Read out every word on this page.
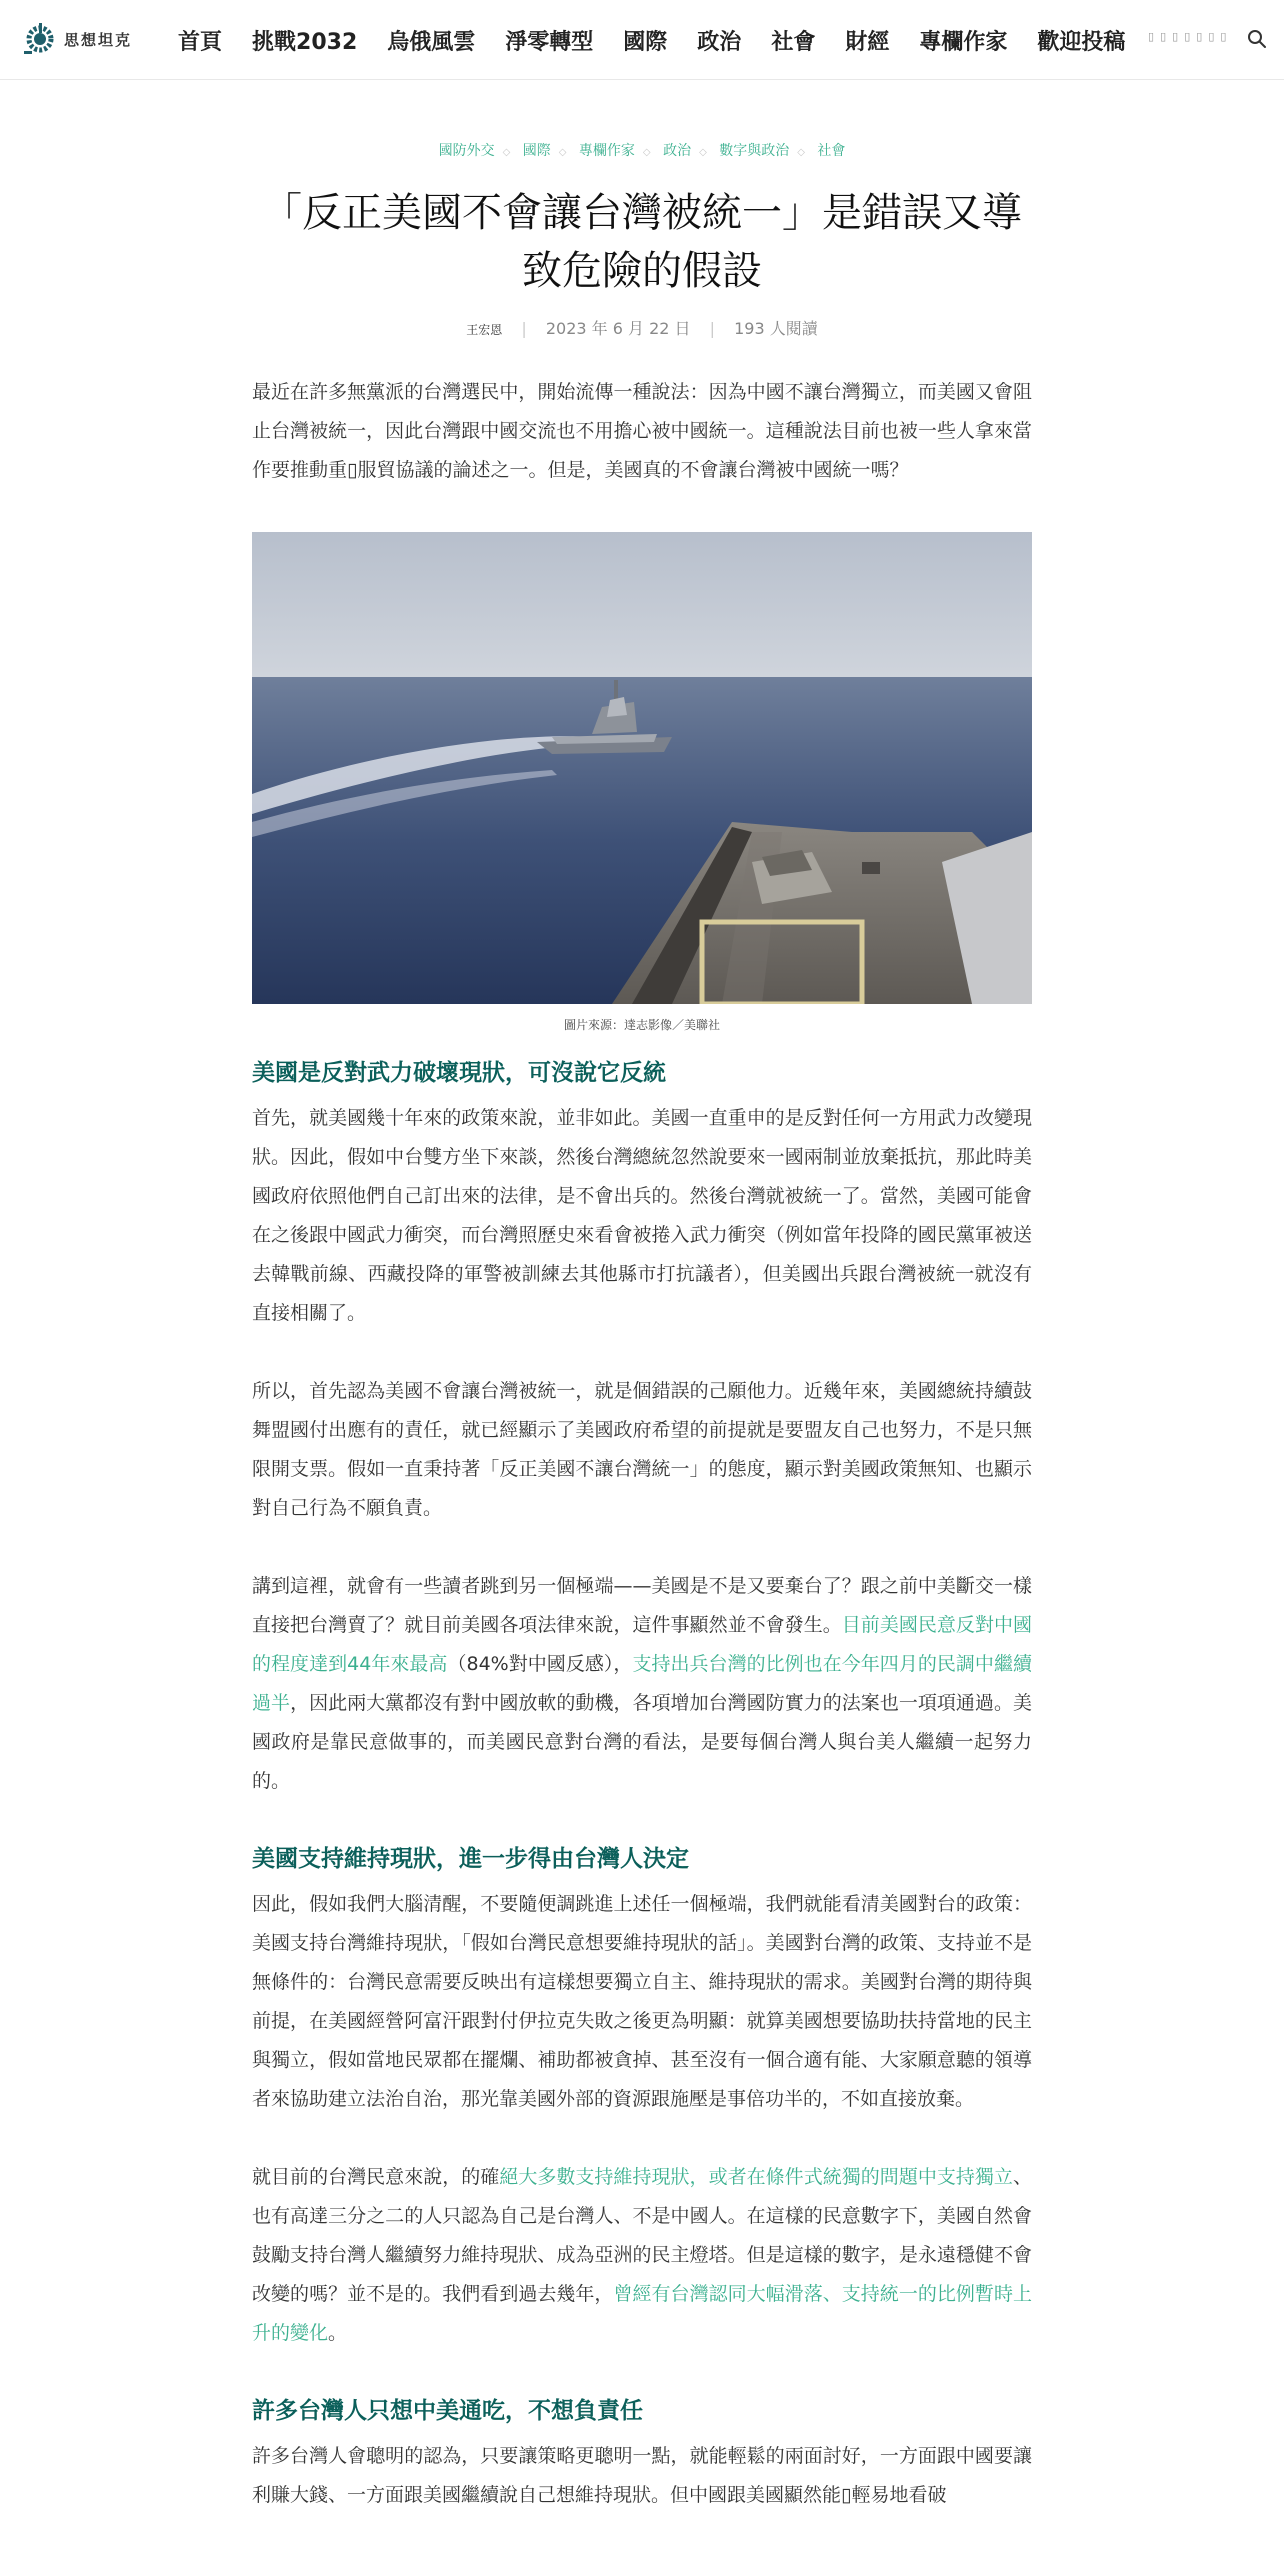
思想坦克 首頁 挑戰2032 烏俄風雲 淨零轉型 國際 政治 社會 財經 專欄作家 歡迎投稿 ▯ ▯ ▯ ▯ ▯ ▯ ▯
國防外交 ◇ 國際 ◇ 專欄作家 ◇ 政治 ◇ 數字與政治 ◇ 社會
「反正美國不會讓台灣被統一」是錯誤又導致危險的假設
王宏恩 | 2023 年 6 月 22 日 | 193 人閱讀

最近在許多無黨派的台灣選民中，開始流傳一種說法：因為中國不讓台灣獨立，而美國又會阻止台灣被統一，因此台灣跟中國交流也不用擔心被中國統一。這種說法目前也被一些人拿來當作要推動重▯服貿協議的論述之一。但是，美國真的不會讓台灣被中國統一嗎？

圖片來源：達志影像／美聯社
美國是反對武力破壞現狀，可沒說它反統

首先，就美國幾十年來的政策來說，並非如此。美國一直重申的是反對任何一方用武力改變現狀。因此，假如中台雙方坐下來談，然後台灣總統忽然說要來一國兩制並放棄抵抗，那此時美國政府依照他們自己訂出來的法律，是不會出兵的。然後台灣就被統一了。當然，美國可能會在之後跟中國武力衝突，而台灣照歷史來看會被捲入武力衝突（例如當年投降的國民黨軍被送去韓戰前線、西藏投降的軍警被訓練去其他縣市打抗議者），但美國出兵跟台灣被統一就沒有直接相關了。

所以，首先認為美國不會讓台灣被統一，就是個錯誤的己願他力。近幾年來，美國總統持續鼓舞盟國付出應有的責任，就已經顯示了美國政府希望的前提就是要盟友自己也努力，不是只無限開支票。假如一直秉持著「反正美國不讓台灣統一」的態度，顯示對美國政策無知、也顯示對自己行為不願負責。

講到這裡，就會有一些讀者跳到另一個極端——美國是不是又要棄台了？跟之前中美斷交一樣直接把台灣賣了？就目前美國各項法律來說，這件事顯然並不會發生。目前美國民意反對中國的程度達到44年來最高（84%對中國反感），支持出兵台灣的比例也在今年四月的民調中繼續過半，因此兩大黨都沒有對中國放軟的動機，各項增加台灣國防實力的法案也一項項通過。美國政府是靠民意做事的，而美國民意對台灣的看法，是要每個台灣人與台美人繼續一起努力的。

美國支持維持現狀，進一步得由台灣人決定

因此，假如我們大腦清醒，不要隨便調跳進上述任一個極端，我們就能看清美國對台的政策：美國支持台灣維持現狀，「假如台灣民意想要維持現狀的話」。美國對台灣的政策、支持並不是無條件的：台灣民意需要反映出有這樣想要獨立自主、維持現狀的需求。美國對台灣的期待與前提，在美國經營阿富汗跟對付伊拉克失敗之後更為明顯：就算美國想要協助扶持當地的民主與獨立，假如當地民眾都在擺爛、補助都被貪掉、甚至沒有一個合適有能、大家願意聽的領導者來協助建立法治自治，那光靠美國外部的資源跟施壓是事倍功半的，不如直接放棄。

就目前的台灣民意來說，的確絕大多數支持維持現狀，或者在條件式統獨的問題中支持獨立、也有高達三分之二的人只認為自己是台灣人、不是中國人。在這樣的民意數字下，美國自然會鼓勵支持台灣人繼續努力維持現狀、成為亞洲的民主燈塔。但是這樣的數字，是永遠穩健不會改變的嗎？並不是的。我們看到過去幾年，曾經有台灣認同大幅滑落、支持統一的比例暫時上升的變化。

許多台灣人只想中美通吃，不想負責任

許多台灣人會聰明的認為，只要讓策略更聰明一點，就能輕鬆的兩面討好，一方面跟中國要讓利賺大錢、一方面跟美國繼續說自己想維持現狀。但中國跟美國顯然能▯輕易地看破
